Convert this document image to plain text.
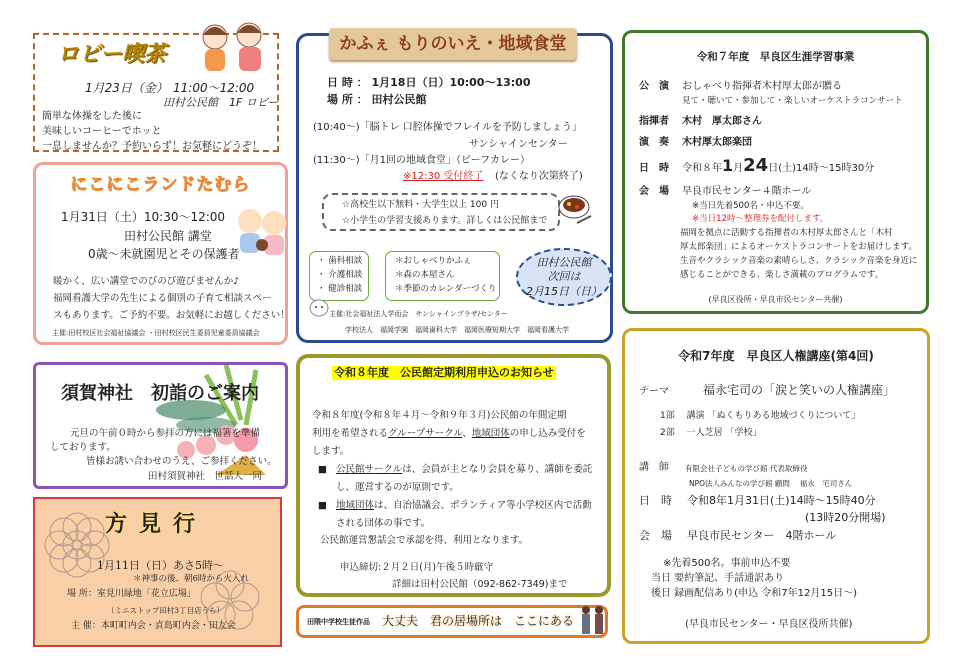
ロビー喫茶
1月23日（金） 11:00〜12:00
田村公民館　1F ロビー
簡単な体操をした後に
美味しいコーヒーでホッと
一息しませんか？予約いらず！お気軽にどうぞ！
にこにこランドたむら
1月31日（土）10:30〜12:00
田村公民館 講堂
0歳〜未就園児とその保護者
暖かく、広い講堂でのびのび遊びませんか♪
福岡看護大学の先生による個別の子育て相談スペー
スもあります。ご予約不要。お気軽にお越しください！
主催:田村校区社会福祉協議会 ・田村校区民生委員児童委員協議会
須賀神社　初詣のご案内
元旦の午前０時から参拝の方には福箸を準備
しております。
皆様お誘い合わせのうえ、ご参拝ください。
田村須賀神社　世話人一同
方見行
1月11日（日）あさ5時〜
＊神事の後、朝6時から火入れ
場 所：室見川緑地「花立広場」
（ミニストップ田村3丁目店うら）
主 催：本町町内会・貞島町内会・田友会
かふぇ もりのいえ・地域食堂
日 時 ： 1月18日（日）10:00〜13:00
場 所 ： 田村公民館
(10:40〜)「脳トレ 口腔体操でフレイルを予防しましょう」
サンシャインセンター
(11:30〜)「月1回の地域食堂」（ビーフカレー）
※12:30 受付終了 (なくなり次第終了)
☆高校生以下無料・大学生以上 100 円
☆小学生の学習支援あります。詳しくは公民館まで
・ 歯科相談
・ 介護相談
・ 健診相談
＊おしゃべりかふぇ
＊森の本屋さん
＊季節のカレンダーづくり
田村公民館
次回は
2月15日（日）
主催:社会福祉法人学而会　サンシャインプラザ/センター
学校法人　福岡学園　福岡歯科大学　福岡医療短期大学　福岡看護大学
令和８年度　公民館定期利用申込のお知らせ
令和８年度(令和８年４月〜令和９年３月)公民館の年間定期
利用を希望されるグループサークル、地域団体の申し込み受付を
します。
■ 公民館サークルは、会員が主となり会員を募り、講師を委託
し、運営するのが原則です。
■ 地域団体は、自治協議会、ボランティア等小学校区内で活動
される団体の事です。
公民館運営懇話会で承認を得、利用となります。
申込締切:２月２日(月)午後５時厳守
詳細は田村公民館（092-862-7349)まで
田隈中学校生徒作品 大丈夫　君の居場所は　ここにある
令和７年度　早良区生涯学習事業
公　演 おしゃべり指揮者木村厚太郎が贈る
見て・聴いて・参加して・楽しいオーケストラコンサート
指揮者 木村　厚太郎さん
演　奏 木村厚太郎楽団
日　時 令和８年1月24日(土)14時〜15時30分
会　場 早良市民センター４階ホール
※当日先着500名・申込不要。
※当日12時〜整理券を配付します。
福岡を拠点に活動する指揮者の木村厚太郎さんと「木村
厚太郎楽団」によるオーケストラコンサートをお届けします。
生音やクラシック音楽の素晴らしさ、クラシック音楽を身近に
感じることができる、楽しさ満載のプログラムです。
(早良区役所・早良市民センター共催)
令和7年度　早良区人権講座(第4回)
テーマ	福永宅司の「涙と笑いの人権講座」
1部　 講演 「ぬくもりある地域づくりについて」
2部　 一人芝居 「学校」
講　師 有限会社子どもの学び館 代表取締役
NPO法人みんなの学び館 顧問　 福永　宅司さん
日　時 令和8年1月31日(土)14時〜15時40分
(13時20分開場)
会　場 早良市民センター　4階ホール
※先着500名。事前申込不要
当日 要約筆記、手話通訳あり
後日 録画配信あり(申込 令和7年12月15日〜)
(早良市民センター・早良区役所共催)
